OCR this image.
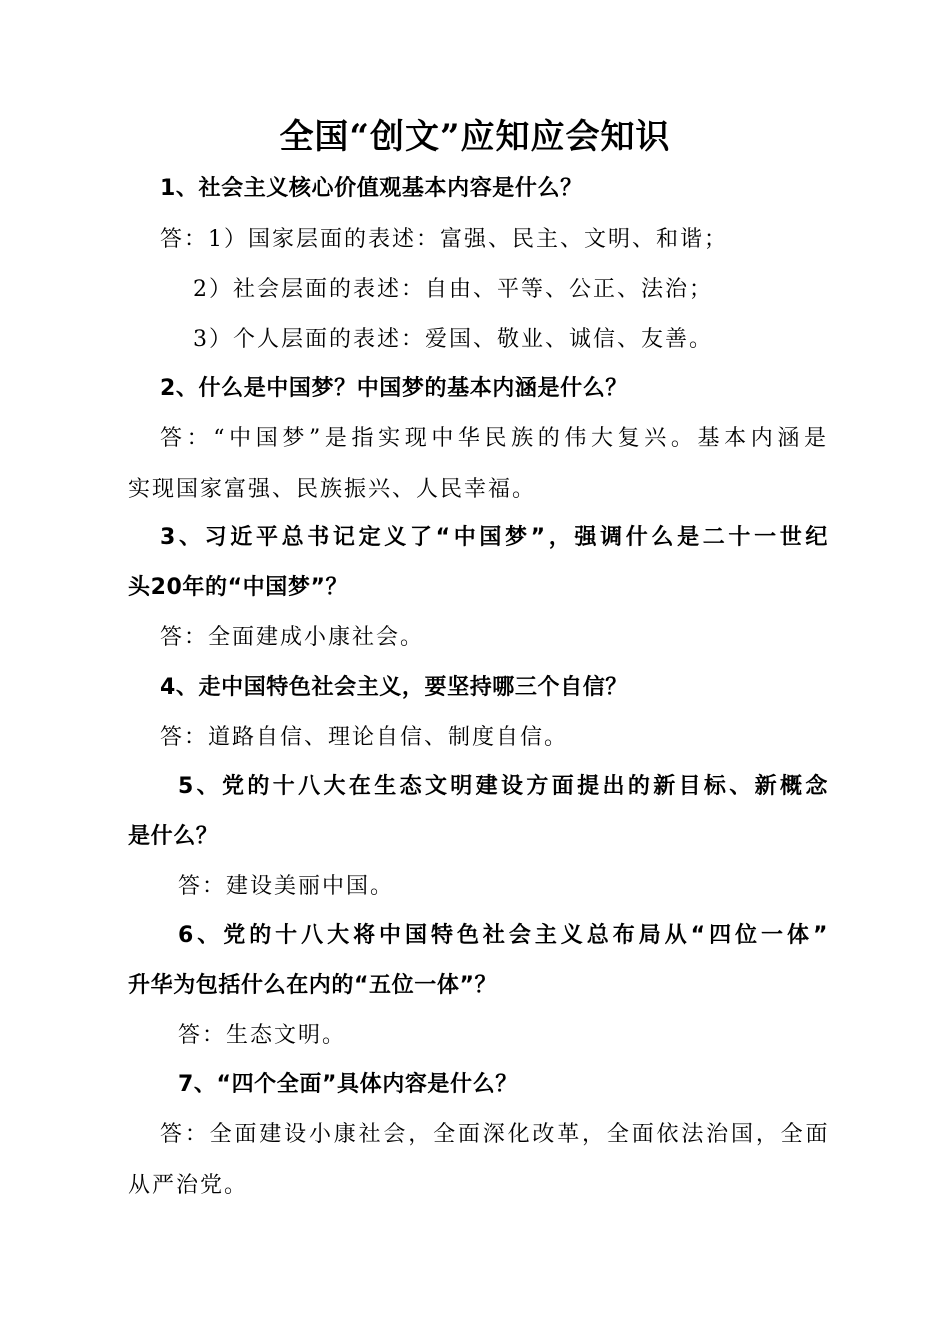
全国“创文”应知应会知识
1、社会主义核心价值观基本内容是什么？
答：1）国家层面的表述：富强、民主、文明、和谐；
2）社会层面的表述：自由、平等、公正、法治；
3）个人层面的表述：爱国、敬业、诚信、友善。
2、什么是中国梦？中国梦的基本内涵是什么？
答：“中国梦”是指实现中华民族的伟大复兴。基本内涵是
实现国家富强、民族振兴、人民幸福。
3、习近平总书记定义了“中国梦”，强调什么是二十一世纪
头20年的“中国梦”？
答：全面建成小康社会。
4、走中国特色社会主义，要坚持哪三个自信？
答：道路自信、理论自信、制度自信。
5、党的十八大在生态文明建设方面提出的新目标、新概念
是什么？
答：建设美丽中国。
6、党的十八大将中国特色社会主义总布局从“四位一体”
升华为包括什么在内的“五位一体”？
答：生态文明。
7、“四个全面”具体内容是什么？
答：全面建设小康社会，全面深化改革，全面依法治国，全面
从严治党。
